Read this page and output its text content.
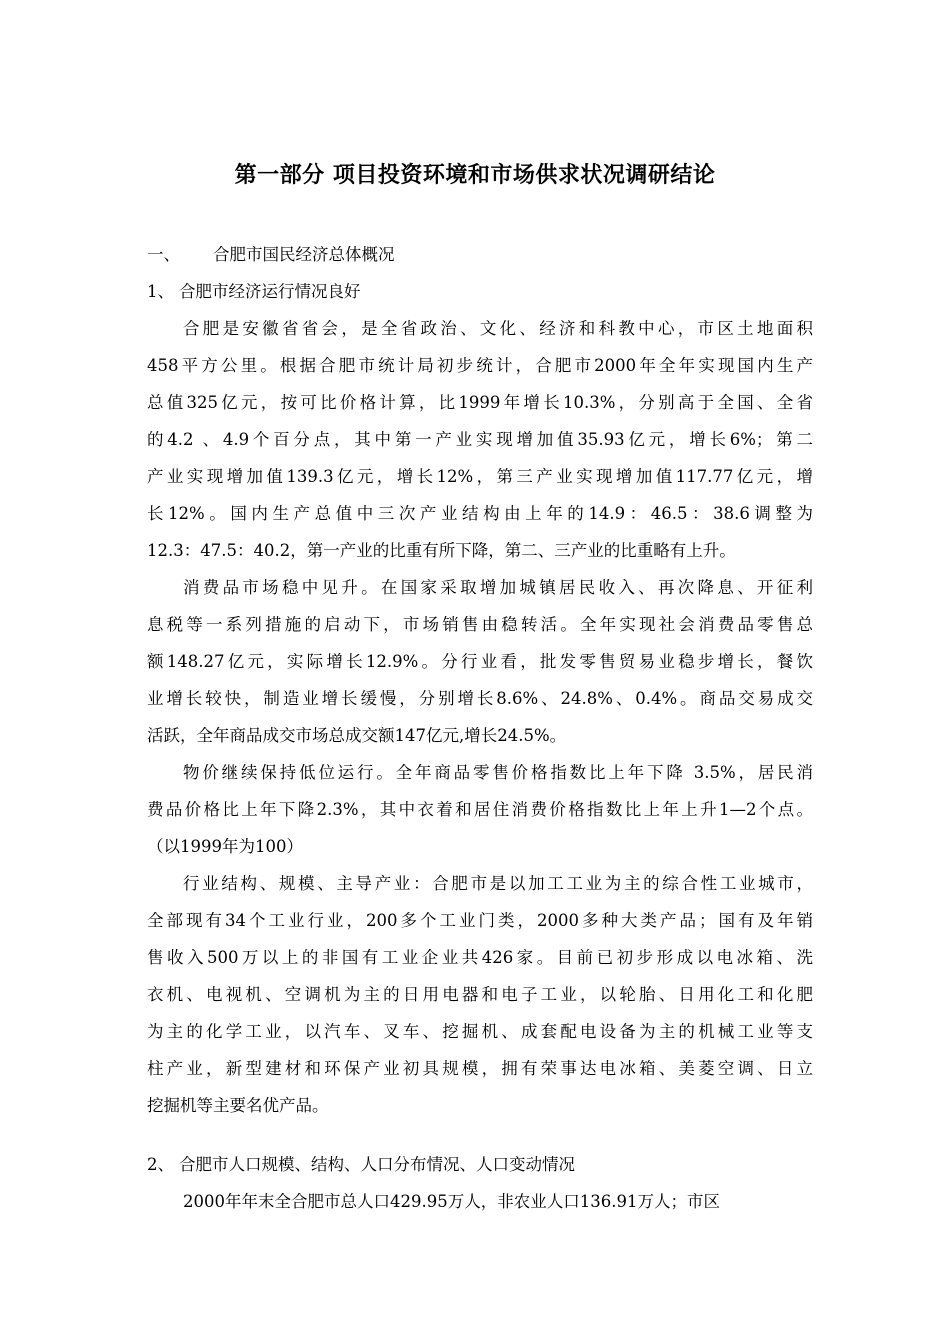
第一部分 项目投资环境和市场供求状况调研结论
一、 合肥市国民经济总体概况
1、 合肥市经济运行情况良好
合肥是安徽省省会，是全省政治、文化、经济和科教中心，市区土地面积
458平方公里。根据合肥市统计局初步统计，合肥市2000年全年实现国内生产
总值325亿元，按可比价格计算，比1999年增长10.3%，分别高于全国、全省
的4.2 、4.9个百分点，其中第一产业实现增加值35.93亿元，增长6%；第二
产业实现增加值139.3亿元，增长12%，第三产业实现增加值117.77亿元，增
长12%。国内生产总值中三次产业结构由上年的14.9：46.5：38.6调整为
12.3：47.5：40.2，第一产业的比重有所下降，第二、三产业的比重略有上升。
消费品市场稳中见升。在国家采取增加城镇居民收入、再次降息、开征利
息税等一系列措施的启动下，市场销售由稳转活。全年实现社会消费品零售总
额148.27亿元，实际增长12.9%。分行业看，批发零售贸易业稳步增长，餐饮
业增长较快，制造业增长缓慢，分别增长8.6%、24.8%、0.4%。商品交易成交
活跃，全年商品成交市场总成交额147亿元,增长24.5%。
物价继续保持低位运行。全年商品零售价格指数比上年下降 3.5%，居民消
费品价格比上年下降2.3%，其中衣着和居住消费价格指数比上年上升1—2个点。
（以1999年为100）
行业结构、规模、主导产业：合肥市是以加工工业为主的综合性工业城市，
全部现有34个工业行业，200多个工业门类，2000多种大类产品；国有及年销
售收入500万以上的非国有工业企业共426家。目前已初步形成以电冰箱、洗
衣机、电视机、空调机为主的日用电器和电子工业，以轮胎、日用化工和化肥
为主的化学工业，以汽车、叉车、挖掘机、成套配电设备为主的机械工业等支
柱产业，新型建材和环保产业初具规模，拥有荣事达电冰箱、美菱空调、日立
挖掘机等主要名优产品。
2、 合肥市人口规模、结构、人口分布情况、人口变动情况
2000年年末全合肥市总人口429.95万人，非农业人口136.91万人；市区
